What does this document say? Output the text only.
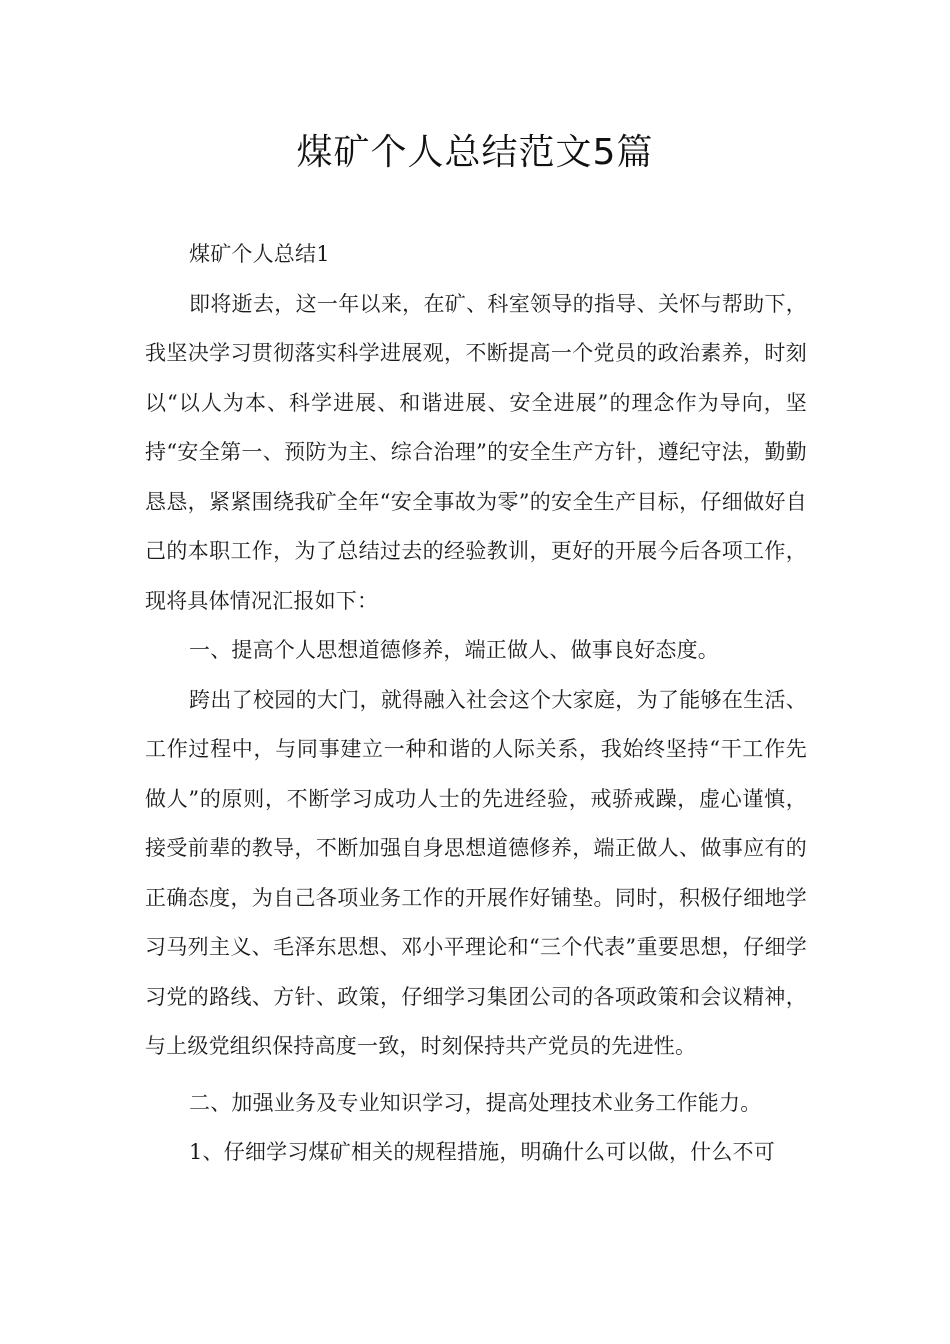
煤矿个人总结范文5篇

煤矿个人总结1

即将逝去，这一年以来，在矿、科室领导的指导、关怀与帮助下，我坚决学习贯彻落实科学进展观，不断提高一个党员的政治素养，时刻以“以人为本、科学进展、和谐进展、安全进展”的理念作为导向，坚持“安全第一、预防为主、综合治理”的安全生产方针，遵纪守法，勤勤恳恳，紧紧围绕我矿全年“安全事故为零”的安全生产目标，仔细做好自己的本职工作，为了总结过去的经验教训，更好的开展今后各项工作，现将具体情况汇报如下：

一、提高个人思想道德修养，端正做人、做事良好态度。

跨出了校园的大门，就得融入社会这个大家庭，为了能够在生活、工作过程中，与同事建立一种和谐的人际关系，我始终坚持“干工作先做人”的原则，不断学习成功人士的先进经验，戒骄戒躁，虚心谨慎，接受前辈的教导，不断加强自身思想道德修养，端正做人、做事应有的正确态度，为自己各项业务工作的开展作好铺垫。同时，积极仔细地学习马列主义、毛泽东思想、邓小平理论和“三个代表”重要思想，仔细学习党的路线、方针、政策，仔细学习集团公司的各项政策和会议精神，与上级党组织保持高度一致，时刻保持共产党员的先进性。

二、加强业务及专业知识学习，提高处理技术业务工作能力。

1、仔细学习煤矿相关的规程措施，明确什么可以做，什么不可
